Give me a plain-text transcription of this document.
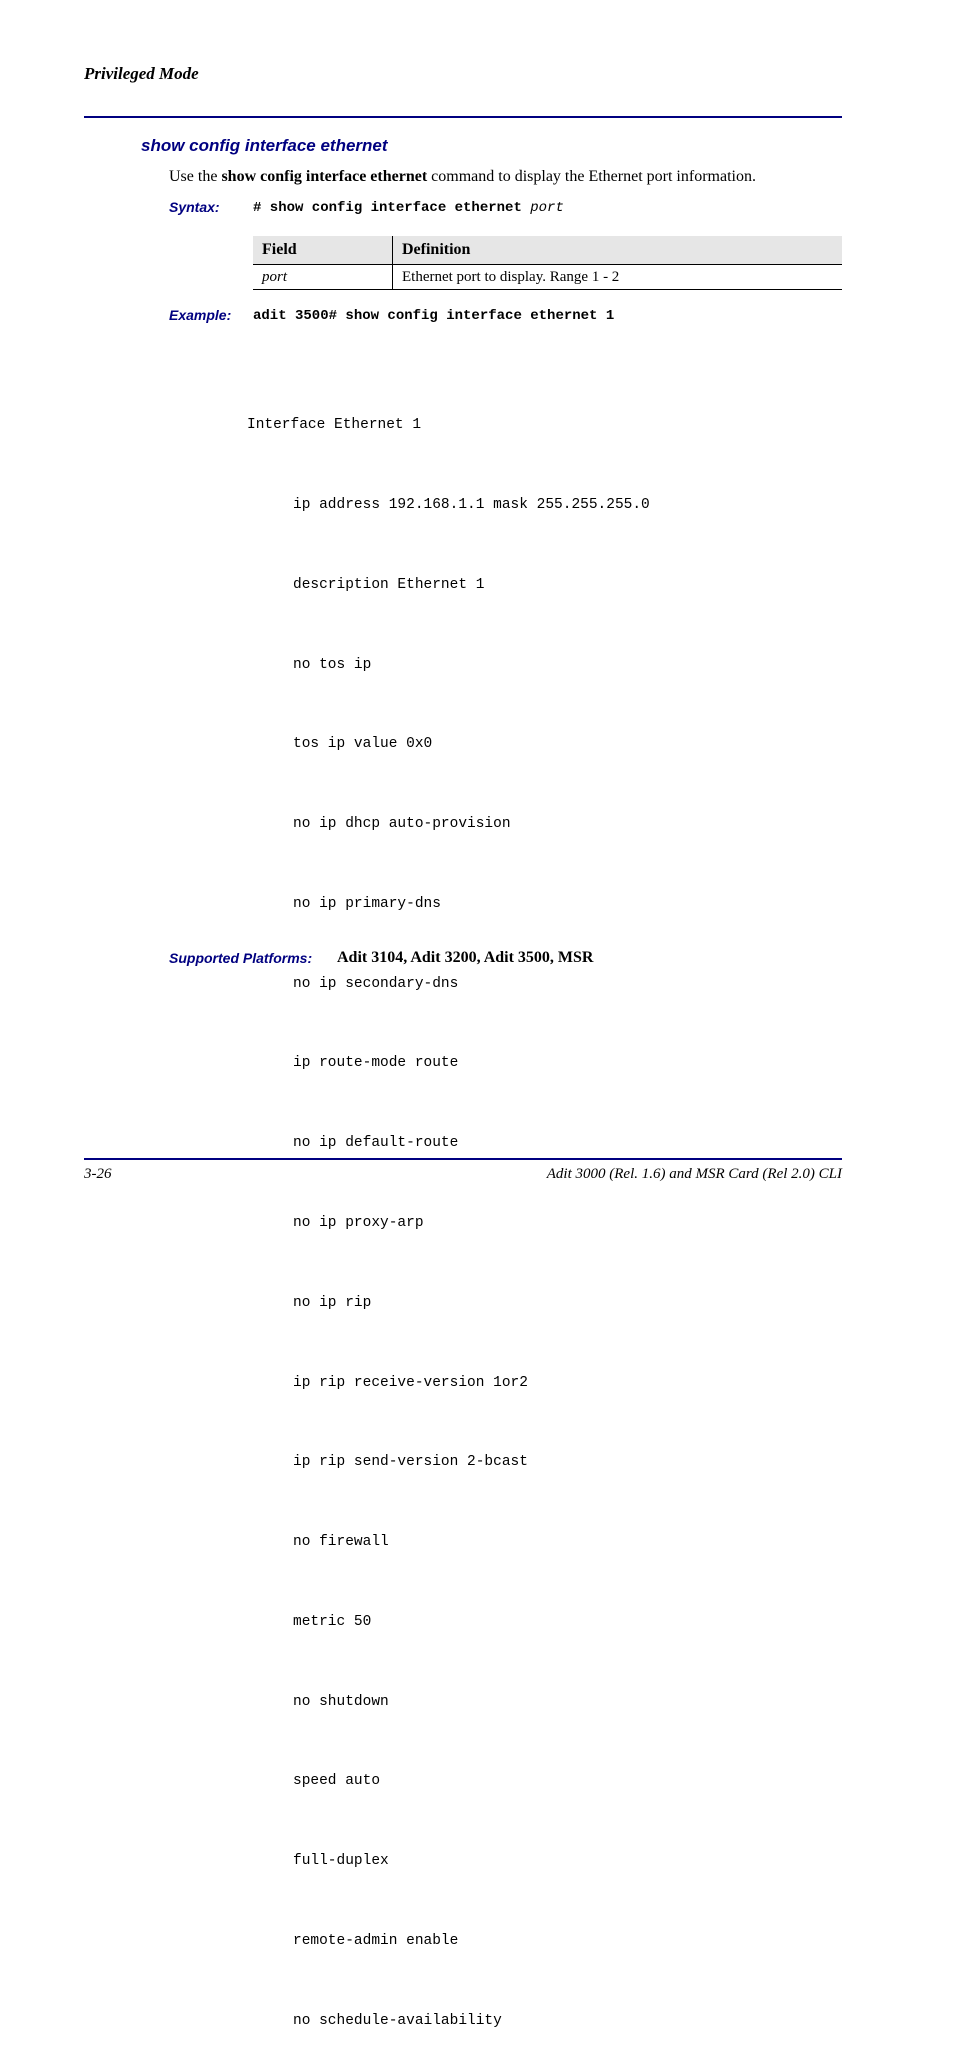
Privileged Mode
show config interface ethernet
Use the show config interface ethernet command to display the Ethernet port information.
Syntax: # show config interface ethernet port
Field	Definition
port	Ethernet port to display. Range 1 - 2
Example: adit 3500# show config interface ethernet 1

Interface Ethernet 1

ip address 192.168.1.1 mask 255.255.255.0

description Ethernet 1

no tos ip

tos ip value 0x0

no ip dhcp auto-provision

no ip primary-dns

no ip secondary-dns

ip route-mode route

no ip default-route

no ip proxy-arp

no ip rip

ip rip receive-version 1or2

ip rip send-version 2-bcast

no firewall

metric 50

no shutdown

speed auto

full-duplex

remote-admin enable

no schedule-availability

Supported Platforms: Adit 3104, Adit 3200, Adit 3500, MSR
3-26	Adit 3000 (Rel. 1.6) and MSR Card (Rel 2.0) CLI
